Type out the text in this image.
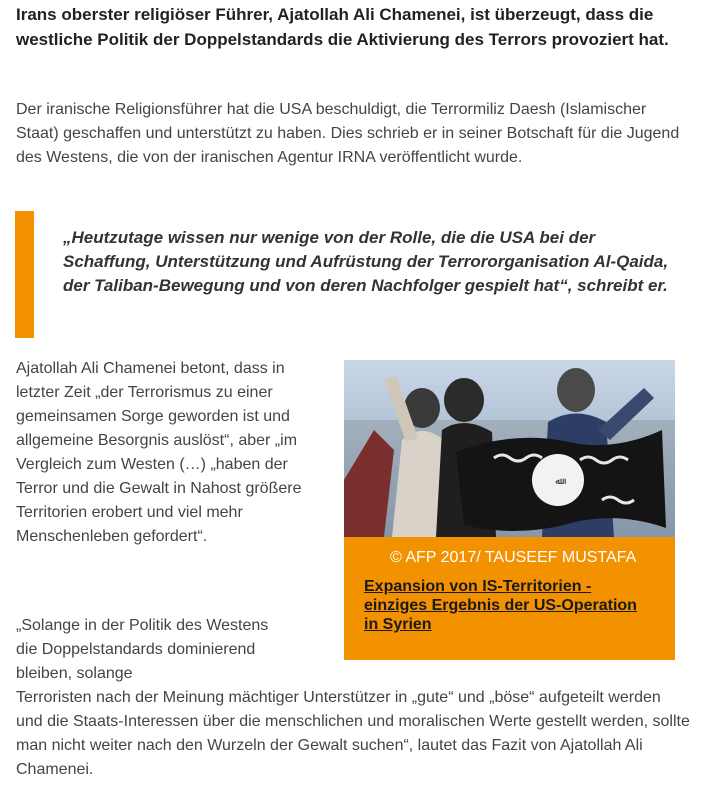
Irans oberster religiöser Führer, Ajatollah Ali Chamenei, ist überzeugt, dass die westliche Politik der Doppelstandards die Aktivierung des Terrors provoziert hat.

Der iranische Religionsführer hat die USA beschuldigt, die Terrormiliz Daesh (Islamischer Staat) geschaffen und unterstützt zu haben. Dies schrieb er in seiner Botschaft für die Jugend des Westens, die von der iranischen Agentur IRNA veröffentlicht wurde.

„Heutzutage wissen nur wenige von der Rolle, die die USA bei der Schaffung, Unterstützung und Aufrüstung der Terrororganisation Al-Qaida, der Taliban-Bewegung und von deren Nachfolger gespielt hat“, schreibt er.

Ajatollah Ali Chamenei betont, dass in letzter Zeit „der Terrorismus zu einer gemeinsamen Sorge geworden ist und allgemeine Besorgnis auslöst“, aber „im Vergleich zum Westen (…) „haben der Terror und die Gewalt in Nahost größere Territorien erobert und viel mehr Menschenleben gefordert“.

ﷲ

© AFP 2017/ TAUSEEF MUSTAFA

Expansion von IS-Territorien - einziges Ergebnis der US-Operation in Syrien

„Solange in der Politik des Westens die Doppelstandards dominierend bleiben, solange

Terroristen nach der Meinung mächtiger Unterstützer in „gute“ und „böse“ aufgeteilt werden und die Staats-Interessen über die menschlichen und moralischen Werte gestellt werden, sollte man nicht weiter nach den Wurzeln der Gewalt suchen“, lautet das Fazit von Ajatollah Ali Chamenei.
